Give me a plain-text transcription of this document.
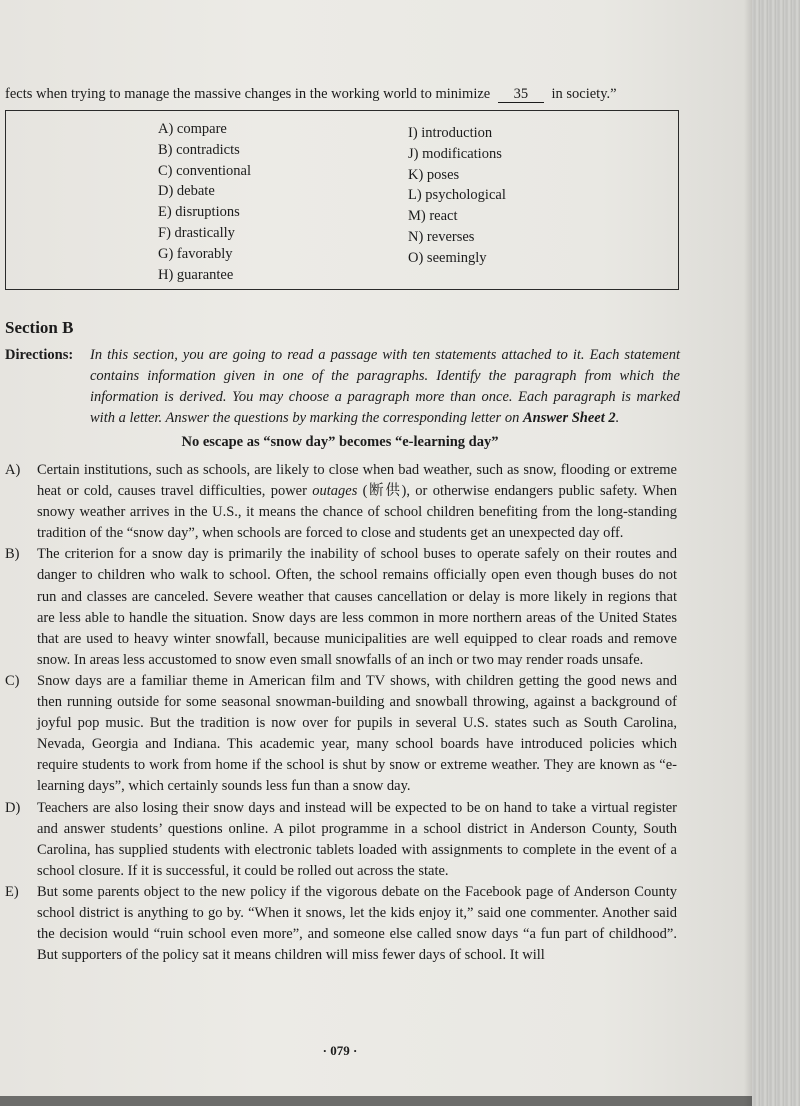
fects when trying to manage the massive changes in the working world to minimize 35 in society.”
A) compare
B) contradicts
C) conventional
D) debate
E) disruptions
F) drastically
G) favorably
H) guarantee
I) introduction
J) modifications
K) poses
L) psychological
M) react
N) reverses
O) seemingly
Section B
Directions: In this section, you are going to read a passage with ten statements attached to it. Each statement contains information given in one of the paragraphs. Identify the paragraph from which the information is derived. You may choose a paragraph more than once. Each paragraph is marked with a letter. Answer the questions by marking the corresponding letter on Answer Sheet 2.
No escape as “snow day” becomes “e-learning day”

A) Certain institutions, such as schools, are likely to close when bad weather, such as snow, flooding or extreme heat or cold, causes travel difficulties, power outages (断供), or otherwise endangers public safety. When snowy weather arrives in the U.S., it means the chance of school children benefiting from the long-standing tradition of the “snow day”, when schools are forced to close and students get an unexpected day off.

B) The criterion for a snow day is primarily the inability of school buses to operate safely on their routes and danger to children who walk to school. Often, the school remains officially open even though buses do not run and classes are canceled. Severe weather that causes cancellation or delay is more likely in regions that are less able to handle the situation. Snow days are less common in more northern areas of the United States that are used to heavy winter snowfall, because municipalities are well equipped to clear roads and remove snow. In areas less accustomed to snow even small snowfalls of an inch or two may render roads unsafe.

C) Snow days are a familiar theme in American film and TV shows, with children getting the good news and then running outside for some seasonal snowman-building and snowball throwing, against a background of joyful pop music. But the tradition is now over for pupils in several U.S. states such as South Carolina, Nevada, Georgia and Indiana. This academic year, many school boards have introduced policies which require students to work from home if the school is shut by snow or extreme weather. They are known as “e-learning days”, which certainly sounds less fun than a snow day.

D) Teachers are also losing their snow days and instead will be expected to be on hand to take a virtual register and answer students’ questions online. A pilot programme in a school district in Anderson County, South Carolina, has supplied students with electronic tablets loaded with assignments to complete in the event of a school closure. If it is successful, it could be rolled out across the state.

E) But some parents object to the new policy if the vigorous debate on the Facebook page of Anderson County school district is anything to go by. “When it snows, let the kids enjoy it,” said one commenter. Another said the decision would “ruin school even more”, and someone else called snow days “a fun part of childhood”. But supporters of the policy sat it means children will miss fewer days of school. It will

· 079 ·
